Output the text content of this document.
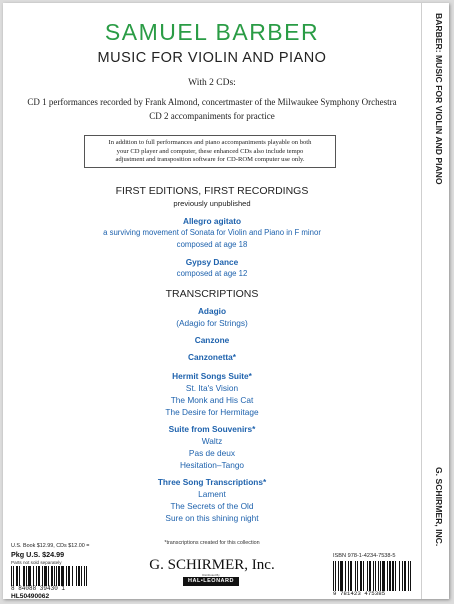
BARBER: MUSIC FOR VIOLIN AND PIANO
G. SCHIRMER, INC.
SAMUEL BARBER
MUSIC FOR VIOLIN AND PIANO
With 2 CDs:
CD 1 performances recorded by Frank Almond, concertmaster of the Milwaukee Symphony Orchestra
CD 2 accompaniments for practice
In addition to full performances and piano accompaniments playable on both
your CD player and computer, these enhanced CDs also include tempo
adjustment and transposition software for CD-ROM computer use only.
FIRST EDITIONS, FIRST RECORDINGS
previously unpublished
Allegro agitato
a surviving movement of Sonata for Violin and Piano in F minor
composed at age 18
Gypsy Dance
composed at age 12
TRANSCRIPTIONS
Adagio
(Adagio for Strings)
Canzone
Canzonetta*
Hermit Songs Suite*
St. Ita's Vision
The Monk and His Cat
The Desire for Hermitage
Suite from Souvenirs*
Waltz
Pas de deux
Hesitation–Tango
Three Song Transcriptions*
Lament
The Secrets of the Old
Sure on this shining night
*transcriptions created for this collection
G. SCHIRMER, Inc.
Distributed By
HAL•LEONARD
U.S. Book $12.99, CDs $12.00 =
Pkg U.S. $24.99
Parts not sold separately
8 84088 39430 1
HL50490062
ISBN 978-1-4234-7538-5
9 781423 475385
